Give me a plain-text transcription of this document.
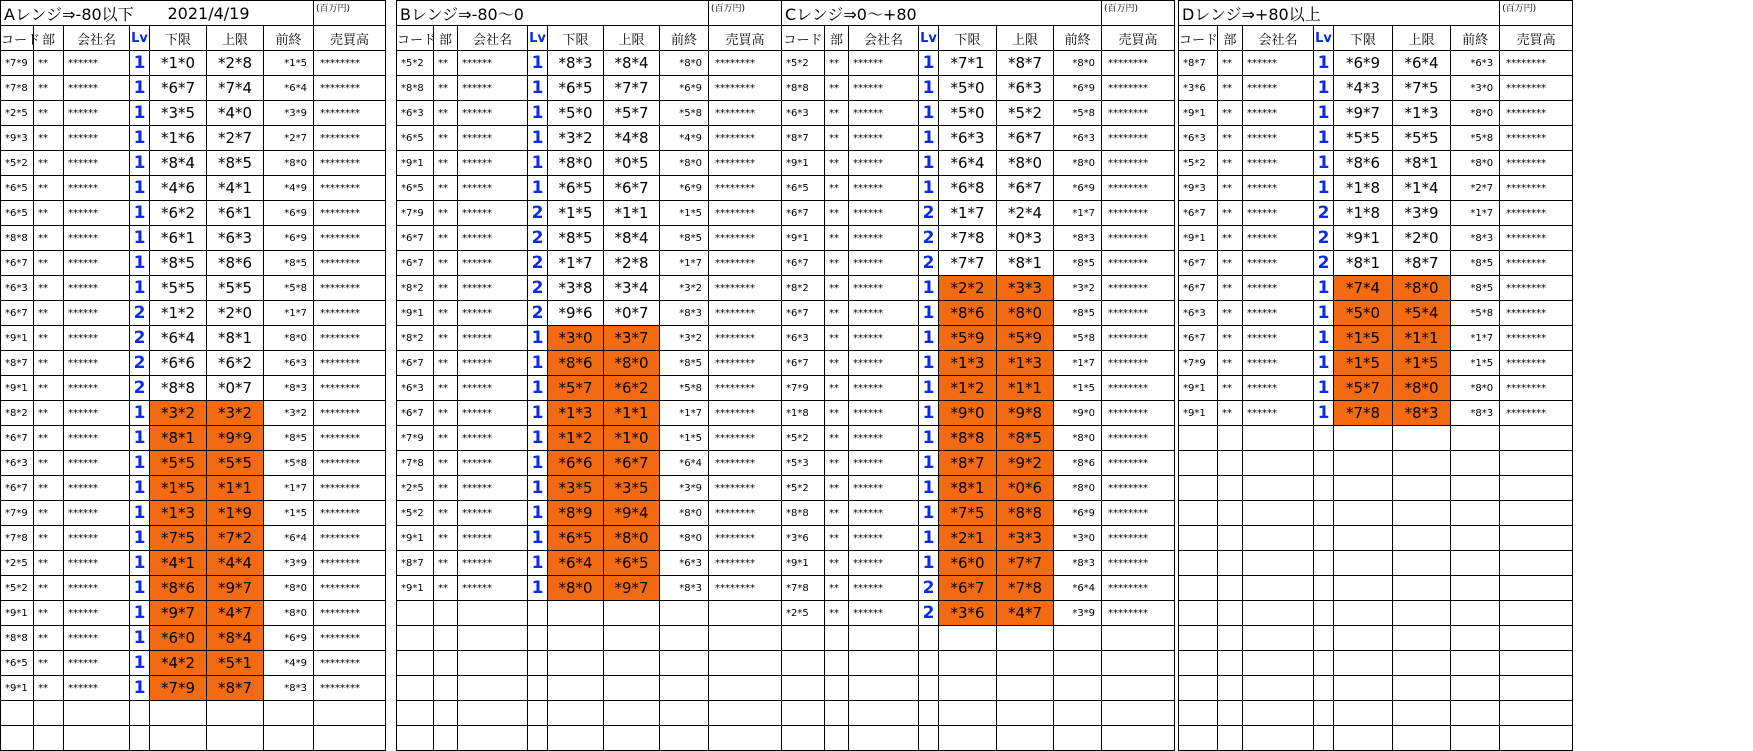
Aレンジ⇒-80以下				2021/4/19			(百万円)
コード	部	会社名	Lv	下限	上限	前終	売買高
*7*9	**	******	1	*1*0	*2*8	*1*5	********
*7*8	**	******	1	*6*7	*7*4	*6*4	********
*2*5	**	******	1	*3*5	*4*0	*3*9	********
*9*3	**	******	1	*1*6	*2*7	*2*7	********
*5*2	**	******	1	*8*4	*8*5	*8*0	********
*6*5	**	******	1	*4*6	*4*1	*4*9	********
*6*5	**	******	1	*6*2	*6*1	*6*9	********
*8*8	**	******	1	*6*1	*6*3	*6*9	********
*6*7	**	******	1	*8*5	*8*6	*8*5	********
*6*3	**	******	1	*5*5	*5*5	*5*8	********
*6*7	**	******	2	*1*2	*2*0	*1*7	********
*9*1	**	******	2	*6*4	*8*1	*8*0	********
*8*7	**	******	2	*6*6	*6*2	*6*3	********
*9*1	**	******	2	*8*8	*0*7	*8*3	********
*8*2	**	******	1	*3*2	*3*2	*3*2	********
*6*7	**	******	1	*8*1	*9*9	*8*5	********
*6*3	**	******	1	*5*5	*5*5	*5*8	********
*6*7	**	******	1	*1*5	*1*1	*1*7	********
*7*9	**	******	1	*1*3	*1*9	*1*5	********
*7*8	**	******	1	*7*5	*7*2	*6*4	********
*2*5	**	******	1	*4*1	*4*4	*3*9	********
*5*2	**	******	1	*8*6	*9*7	*8*0	********
*9*1	**	******	1	*9*7	*4*7	*8*0	********
*8*8	**	******	1	*6*0	*8*4	*6*9	********
*6*5	**	******	1	*4*2	*5*1	*4*9	********
*9*1	**	******	1	*7*9	*8*7	*8*3	********

Bレンジ⇒-80～0							(百万円)
コード	部	会社名	Lv	下限	上限	前終	売買高
*5*2	**	******	1	*8*3	*8*4	*8*0	********
*8*8	**	******	1	*6*5	*7*7	*6*9	********
*6*3	**	******	1	*5*0	*5*7	*5*8	********
*6*5	**	******	1	*3*2	*4*8	*4*9	********
*9*1	**	******	1	*8*0	*0*5	*8*0	********
*6*5	**	******	1	*6*5	*6*7	*6*9	********
*7*9	**	******	2	*1*5	*1*1	*1*5	********
*6*7	**	******	2	*8*5	*8*4	*8*5	********
*6*7	**	******	2	*1*7	*2*8	*1*7	********
*8*2	**	******	2	*3*8	*3*4	*3*2	********
*9*1	**	******	2	*9*6	*0*7	*8*3	********
*8*2	**	******	1	*3*0	*3*7	*3*2	********
*6*7	**	******	1	*8*6	*8*0	*8*5	********
*6*3	**	******	1	*5*7	*6*2	*5*8	********
*6*7	**	******	1	*1*3	*1*1	*1*7	********
*7*9	**	******	1	*1*2	*1*0	*1*5	********
*7*8	**	******	1	*6*6	*6*7	*6*4	********
*2*5	**	******	1	*3*5	*3*5	*3*9	********
*5*2	**	******	1	*8*9	*9*4	*8*0	********
*9*1	**	******	1	*6*5	*8*0	*8*0	********
*8*7	**	******	1	*6*4	*6*5	*6*3	********
*9*1	**	******	1	*8*0	*9*7	*8*3	********

Cレンジ⇒0～+80							(百万円)
コード	部	会社名	Lv	下限	上限	前終	売買高
*5*2	**	******	1	*7*1	*8*7	*8*0	********
*8*8	**	******	1	*5*0	*6*3	*6*9	********
*6*3	**	******	1	*5*0	*5*2	*5*8	********
*8*7	**	******	1	*6*3	*6*7	*6*3	********
*9*1	**	******	1	*6*4	*8*0	*8*0	********
*6*5	**	******	1	*6*8	*6*7	*6*9	********
*6*7	**	******	2	*1*7	*2*4	*1*7	********
*9*1	**	******	2	*7*8	*0*3	*8*3	********
*6*7	**	******	2	*7*7	*8*1	*8*5	********
*8*2	**	******	1	*2*2	*3*3	*3*2	********
*6*7	**	******	1	*8*6	*8*0	*8*5	********
*6*3	**	******	1	*5*9	*5*9	*5*8	********
*6*7	**	******	1	*1*3	*1*3	*1*7	********
*7*9	**	******	1	*1*2	*1*1	*1*5	********
*1*8	**	******	1	*9*0	*9*8	*9*0	********
*5*2	**	******	1	*8*8	*8*5	*8*0	********
*5*3	**	******	1	*8*7	*9*2	*8*6	********
*5*2	**	******	1	*8*1	*0*6	*8*0	********
*8*8	**	******	1	*7*5	*8*8	*6*9	********
*3*6	**	******	1	*2*1	*3*3	*3*0	********
*9*1	**	******	1	*6*0	*7*7	*8*3	********
*7*8	**	******	2	*6*7	*7*8	*6*4	********
*2*5	**	******	2	*3*6	*4*7	*3*9	********

Dレンジ⇒+80以上							(百万円)
コード	部	会社名	Lv	下限	上限	前終	売買高
*8*7	**	******	1	*6*9	*6*4	*6*3	********
*3*6	**	******	1	*4*3	*7*5	*3*0	********
*9*1	**	******	1	*9*7	*1*3	*8*0	********
*6*3	**	******	1	*5*5	*5*5	*5*8	********
*5*2	**	******	1	*8*6	*8*1	*8*0	********
*9*3	**	******	1	*1*8	*1*4	*2*7	********
*6*7	**	******	2	*1*8	*3*9	*1*7	********
*9*1	**	******	2	*9*1	*2*0	*8*3	********
*6*7	**	******	2	*8*1	*8*7	*8*5	********
*6*7	**	******	1	*7*4	*8*0	*8*5	********
*6*3	**	******	1	*5*0	*5*4	*5*8	********
*6*7	**	******	1	*1*5	*1*1	*1*7	********
*7*9	**	******	1	*1*5	*1*5	*1*5	********
*9*1	**	******	1	*5*7	*8*0	*8*0	********
*9*1	**	******	1	*7*8	*8*3	*8*3	********
